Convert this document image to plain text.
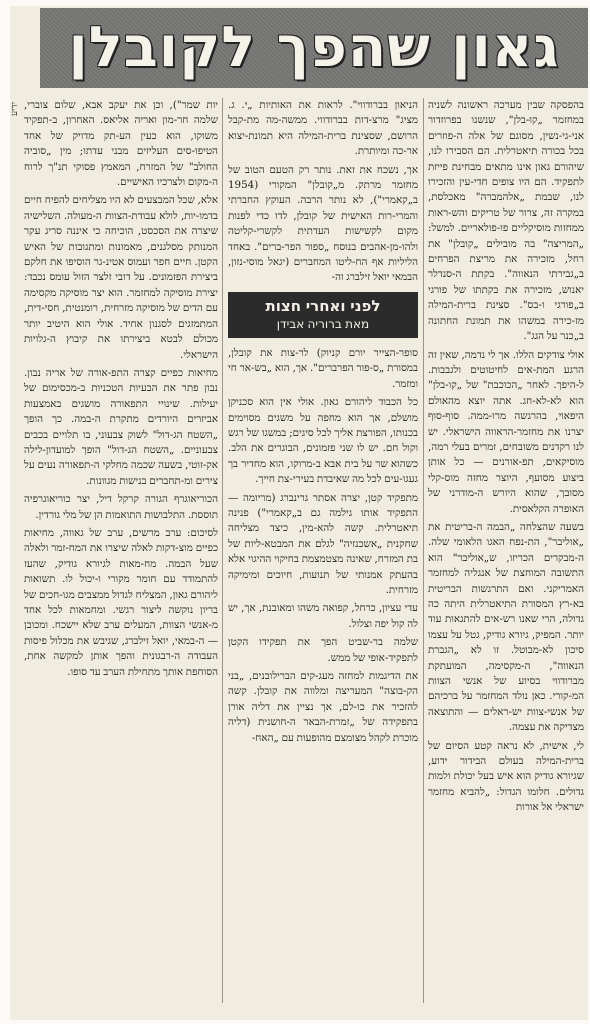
ידיע
גאון שהפך לקובלן

בהפסקה שבין מערכה ראשונה לשניה במחזמר „קוּ-בלן", שנשנו בפרוזדור אני-גי-נשין, מסוגם של אלה ה-פוזרים בכל בכורה תיאטרלית. הם הסבירו לנו, שיהורם גאון אינו מתאים מבחינת פייזת לתפקיד. הם היו צופים חדי-עין והזכירו לנו, שבמת „אלהמברה" מאכלסת, במקרה זה, צרור של טריקים והש-ראות ממחזות מוסיקליים פו-פולאריים. למשל: „המריצה" בה מובילים „קובלן" את רחל, מזכירה את מריצת הפרחים ב„גבירתי הנאווה". בקתת ה-סנדלר יאנוש, מזכירה את בקתתו של פורגי ב„פורגי ו-בס". סצינת ברית-המילה מז-כירה במשהו את תמונת החתונה ב„כנר על הגג".

אולי צודקים הללו. אך לי נדמה, שאין זה הרגע המת-אים לחיטוטים ולגבבות. ל-היפך. לאחר „הכוכבת" של „קו-בלן" הוא לא-לא-חג. אתה יוצא מהאולם היפאוי, בהרגשה מרו-ממה. סוף-סוף יצרנו את מחזמר-הראווה הישראלי. יש לנו רקדנים משובחים, זמרים בעלי רמה, מוסיקאים, תפ-אורנים — כל אותן ביצוע מסועף, היוצר מחזה מוס-קלי מסובך, שהוא היורש ה-מודרני של האופרה הקלאסית.

בשעה שהצלחה „הבמה ה-בריטית את „אוליבר", הת-נפח האגו הלאומי שלה. ה-מבקרים הכריזו, ש„אוליבר" הוא התשובה המוחצת של אנגליה למחזמר האמריקני. ואם התרגשות הבריטית בא-רץ המסורת התיאטרלית היתה כה גדולה, הרי שאנו רש-אים להתגאות עוד יותר. המפיק, גיורא גודיק, גטל על עצמו סיכון לא-מבוטל. זו לא „הגברת הנאווה", ה-מקסימה, המועתקת מברודווי בסיוע של אנשי הצוות המ-קורי. כאן נולד המחזמר על ברכיהם של אנשי-צוות יש-ראלים — והתוצאה מצדיקה את עצמה.

לי, אישית, לא נראה קטע הסיום של ברית-המילה בעולם הבידור ידוע, שגיורא גודיק הוא איש בעל יכולת ולמות גדולים. חלומו הגדול: „להביא מחזמר ישראלי אל אורות

הניאון בברודווי". לראות את האותיות „י. ג. מציג" מרצ-דות בברודווי. ממשה-מה מת-קבל הרושם, שסצינת ברית-המילה היא תמונת-יצוא אר-כה ומיותרת.

אך, נשכח את זאת. נותר רק הטעם הטוב של מחזמר מרתק. מ„קובלן" המקורי (1954 ב„קאמרי"), לא נותר הרבה. העוקץ החברתי והמרי-רות האישית של קובלן, לדו כדי לפנות מקום לקשישות העדתית לקשרי-קליטה ולהו-מן-אהבים בנוסח „ספור הפר-ברים". באחד הליליות אף הח-ליטו המחברים (יגאל מוסי-נזון, הבמאי יואל זילברג וה-

לפני ואחרי חצות
מאת ברוריה אבידן

סופר-הצייר יורם קניוק) לר-צות את קובלן, במסורת „ס-פור הפרברים". אך, הוא „בש-אר חי ומזמר.

כל הכבוד ליהורם גאון. אולי אין הוא סכניקן מושלם, אך הוא מחפה על משגים מסוימים בכנותו, הפורצת אליך לכל סיגים; במשגו של רגש וקול חם. יש לו שני פזמונים, הבוגרים את הלב. כשהוא שר על בית אבא ב-מרוקו, הוא מחדיר בך געגו-עים לכל מה שאיבדת בעירי-צת חייך.

מתפקיד קטן, יצרה אסתר גרינברג (מריומה — התפקיד אותו גילמה גם ב„קאמרי") פנינה תיאטרלית. קשה להא-מין, כיצד מצליחה שחקנית „אשכנזיה" לגלם את המבטא-ליות של בת המזרח, שאינה מצטמצמת בחיקוי ההיגוי אלא בהעתק אמנותי של תנועות, חיוכים ומימיקה מזרחית.

עדי עציון, כרחל, קפואה משהו ומאובנת, אך, יש לה קול יפה וצלול.

שלמה בר-שביט הפך את תפקידו הקטן לתפקיד-אופי של ממש.

את הדיגמות למחזה מעג-קים הברילובנים, „בני הק-בוצה" המעריצה ומלווה את קובלן. קשה להזכיר את כו-לם, אך נציין את דליה אורן בתפקידה של „זמרת-הבאר ה-חושנית (דליה מוכרת לקהל מצומצם מהופעות עם „האח-

יות שמר"), וכן את יעקב אבא, שלום צוברי, שלמה חר-מון ואריה אליאס. האחרון, ב-תפקיד משוקו, הוא כעין הע-תק מדויק של אחד הטיפו-סים העליזים מבני עדתו; מין „סוביה החולב" של המזרח, המאמץ פסוקי תנ"ך לרוח ה-מקום ולצרכיו האישיים.

אלא, שכל המבצעים לא היו מצליחים להפיח חיים בדמו-יות, לולא עבודת-הצוות ה-מעולה. השלישיה שיצרה את הסכסט, הוכיחה כי איננה סריג עקר המנותק מסלגנים, מאמונות ומתגובות של האיש הקטן. חיים חפר ועמוס אטינ-גר הוסיפו את חלקם ביצירת הפזמונים. על דובי זלצר הזול עומס נכבד: יצירת מוסיקה למחזמר. הוא יצר מוסיקה מקסימה עם הדים של מוסיקה מזרחית, רומנטית, חסי-דית, המתמזגים לסגנון אחיד. אולי הוא היטיב יותר מכולם לבטא ביצירתו את קיבוץ ה-גלויות הישראלי.

מחיאות כפיים קצרה התפ-אורה של אריה נבון. נבון פתר את הבעיות הטכניות ב-מכסימום של יעילות. שינויי התפאורה מושגים באמצעות אביזרים היורדים מתקרת ה-במה. כך הופך „השטח הג-דול" לשוק צבעוני, בו תלויים בכבים צבעוניים. „השטח הג-דול" הופך למועדון-לילה אק-זוטי, בשעה שכמה מחלקי ה-תפאורה נעים על צירים ומ-תחברים בנישות מגוונות.

הכוריאוגרף הגורה קרקל דיל, יצר כוריאוגרפיה תוססת. התלבושות התואמות הן של מלי גורדין.

לסיכום: ערב מרשים, ערב של גאווה, מחיאות כפיים מוצ-דקות לאלה שיצרו את המח-זמר ולאלה שעל הבמה. מח-מאות לגיורא גודיק, שהעז להתמודד עם חומר מקורי ו-יכול לו. תשואות ליהורם גאון, המצליח לגדול ממצבים מגו-חכים של בריון נוקשה ליצור רגשי. ומחמאות לכל אחד מ-אנשי הצוות, המעלים ערב שלא יישכח. ומכובן — ה-במאי, יואל זילברג, שגיבש את מכלול פיסות העבודה ה-רבגונית והפך אותן למקשה אחת, הסוחפת אותך מתחילת הערב עד סופו.
